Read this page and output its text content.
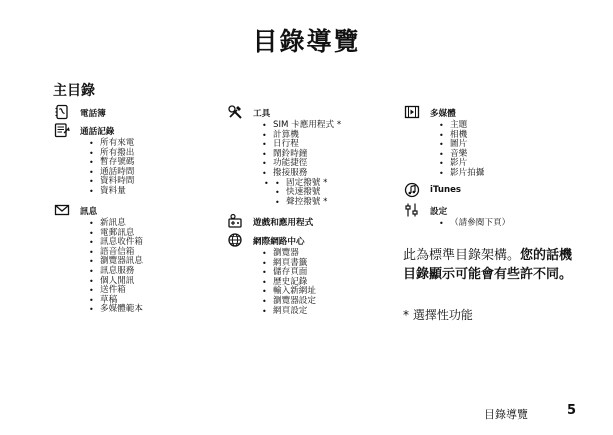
目錄導覽
主目錄
電話簿
通話記錄
• 所有來電
• 所有撥出
• 暫存號碼
• 通話時間
• 資料時間
• 資料量
訊息
• 新訊息
• 電郵訊息
• 訊息收件箱
• 語音信箱
• 瀏覽器訊息
• 訊息服務
• 個人閒訊
• 送件箱
• 草稿
• 多媒體範本
工具
• SIM 卡應用程式 *
• 計算機
• 日行程
• 鬧鈴時鐘
• 功能捷徑
• 撥接服務
• • 固定撥號 *
• 快速撥號
• 聲控撥號 *
遊戲和應用程式
網際網路中心
• 瀏覽器
• 網頁書籤
• 儲存頁面
• 歷史記錄
• 輸入新網址
• 瀏覽器設定
• 網頁設定
多媒體
• 主題
• 相機
• 圖片
• 音樂
• 影片
• 影片拍攝
iTunes
設定
• （請參閱下頁）
此為標準目錄架構。您的話機目錄顯示可能會有些許不同。
* 選擇性功能
目錄導覽	5
